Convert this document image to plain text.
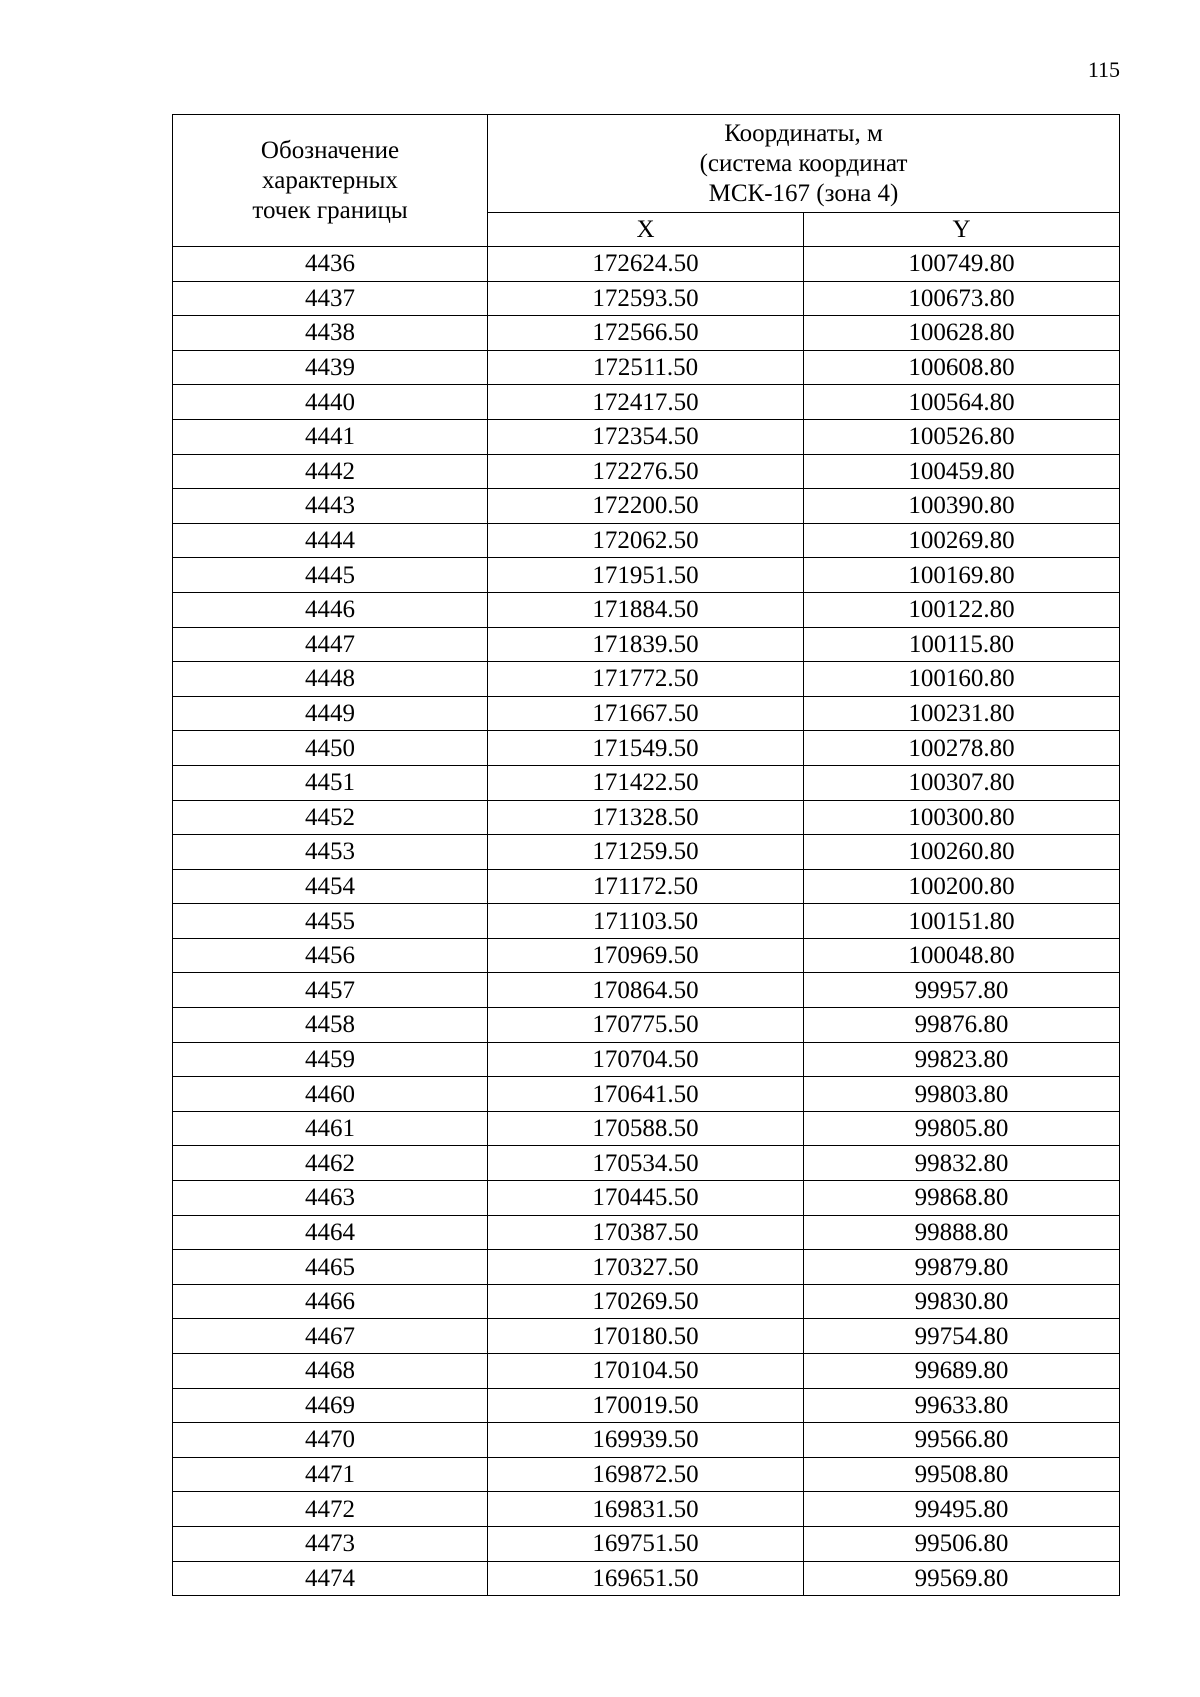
115
Обозначение
характерных
точек границы	Координаты, м
(система координат
МСК-167 (зона 4)	

	X	Y
4436	172624.50	100749.80
4437	172593.50	100673.80
4438	172566.50	100628.80
4439	172511.50	100608.80
4440	172417.50	100564.80
4441	172354.50	100526.80
4442	172276.50	100459.80
4443	172200.50	100390.80
4444	172062.50	100269.80
4445	171951.50	100169.80
4446	171884.50	100122.80
4447	171839.50	100115.80
4448	171772.50	100160.80
4449	171667.50	100231.80
4450	171549.50	100278.80
4451	171422.50	100307.80
4452	171328.50	100300.80
4453	171259.50	100260.80
4454	171172.50	100200.80
4455	171103.50	100151.80
4456	170969.50	100048.80
4457	170864.50	99957.80
4458	170775.50	99876.80
4459	170704.50	99823.80
4460	170641.50	99803.80
4461	170588.50	99805.80
4462	170534.50	99832.80
4463	170445.50	99868.80
4464	170387.50	99888.80
4465	170327.50	99879.80
4466	170269.50	99830.80
4467	170180.50	99754.80
4468	170104.50	99689.80
4469	170019.50	99633.80
4470	169939.50	99566.80
4471	169872.50	99508.80
4472	169831.50	99495.80
4473	169751.50	99506.80
4474	169651.50	99569.80
